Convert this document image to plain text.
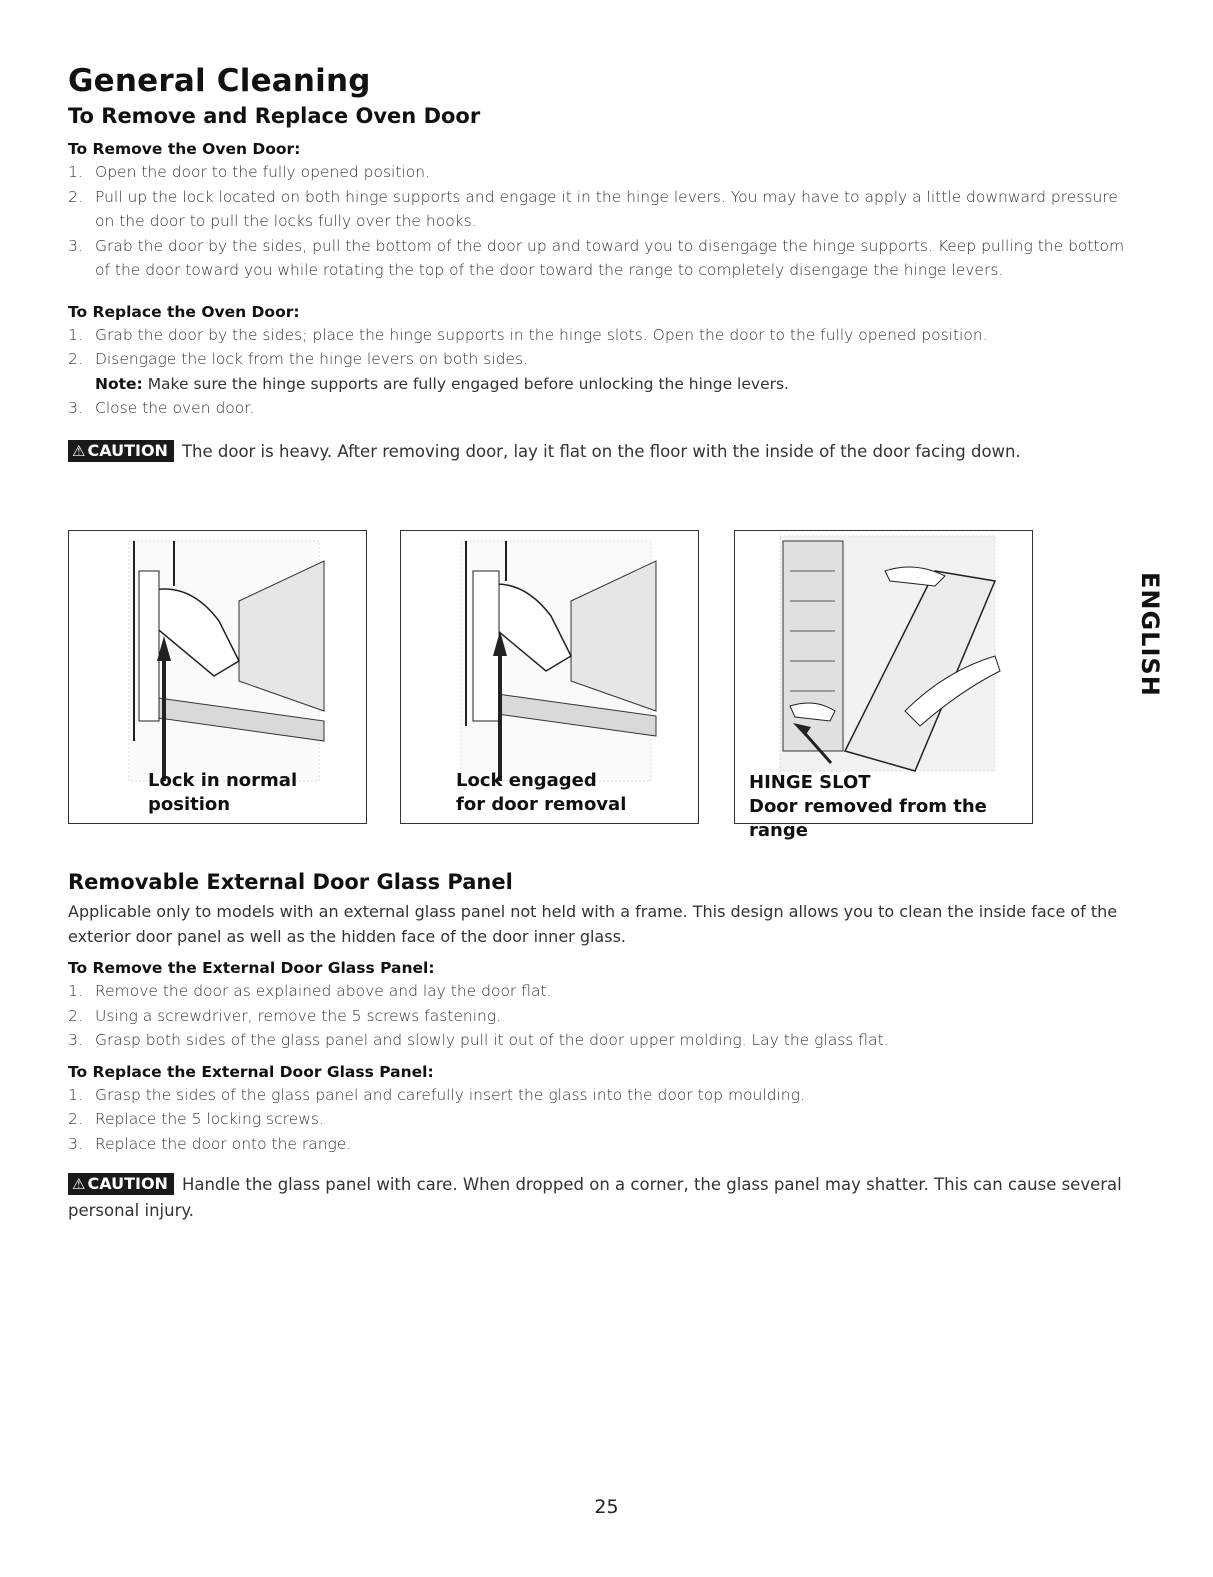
General Cleaning
To Remove and Replace Oven Door
To Remove the Oven Door:
1. Open the door to the fully opened position.
2. Pull up the lock located on both hinge supports and engage it in the hinge levers. You may have to apply a little downward pressure on the door to pull the locks fully over the hooks.
3. Grab the door by the sides, pull the bottom of the door up and toward you to disengage the hinge supports. Keep pulling the bottom of the door toward you while rotating the top of the door toward the range to completely disengage the hinge levers.
To Replace the Oven Door:
1. Grab the door by the sides; place the hinge supports in the hinge slots. Open the door to the fully opened position.
2. Disengage the lock from the hinge levers on both sides.
Note: Make sure the hinge supports are fully engaged before unlocking the hinge levers.
3. Close the oven door.
⚠ CAUTION The door is heavy. After removing door, lay it flat on the floor with the inside of the door facing down.
Lock in normal
position
Lock engaged
for door removal
HINGE SLOT
Door removed from the range
ENGLISH
Removable External Door Glass Panel
Applicable only to models with an external glass panel not held with a frame. This design allows you to clean the inside face of the exterior door panel as well as the hidden face of the door inner glass.
To Remove the External Door Glass Panel:
1. Remove the door as explained above and lay the door flat.
2. Using a screwdriver, remove the 5 screws fastening.
3. Grasp both sides of the glass panel and slowly pull it out of the door upper molding. Lay the glass flat.
To Replace the External Door Glass Panel:
1. Grasp the sides of the glass panel and carefully insert the glass into the door top moulding.
2. Replace the 5 locking screws.
3. Replace the door onto the range.
⚠ CAUTION Handle the glass panel with care. When dropped on a corner, the glass panel may shatter. This can cause several personal injury.
25
